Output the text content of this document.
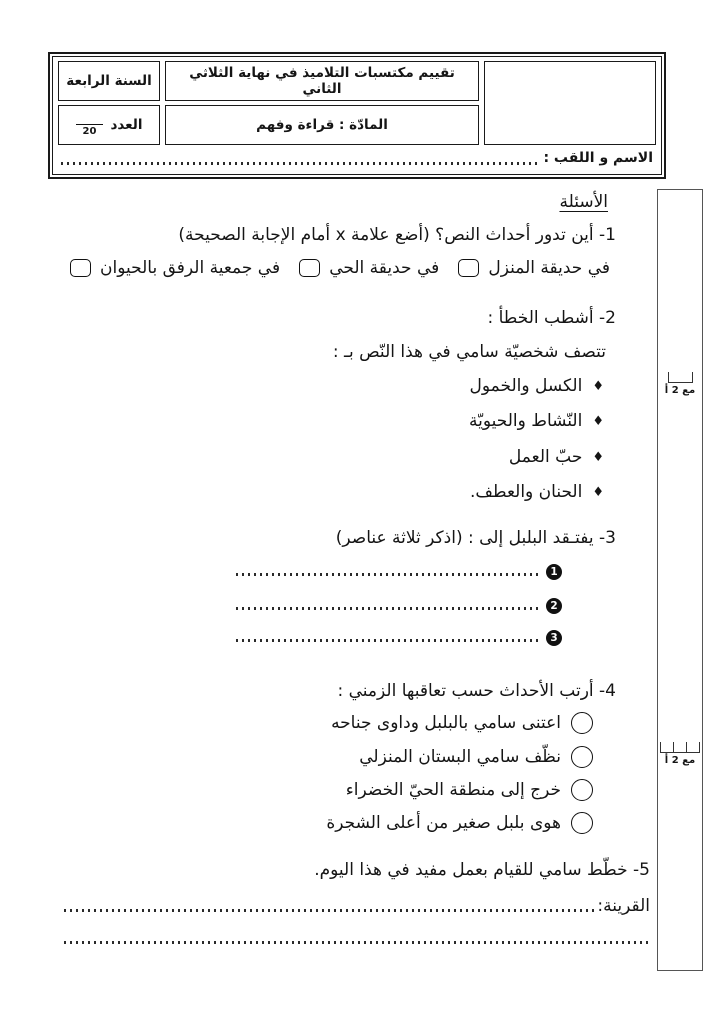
تقييم مكتسبات التلاميذ في نهاية الثلاثي الثاني
المادّة : قراءة وفهم
السنة الرابعة
العدد
20
الاسم و اللقب :
مع 2 أ
مع 2 أ
الأسئلة
1- أين تدور أحداث النص؟ (أضع علامة x أمام الإجابة الصحيحة)
في حديقة المنزل
في حديقة الحي
في جمعية الرفق بالحيوان
2- أشطب الخطأ :
تتصف شخصيّة سامي في هذا النّص بـ :
♦
الكسل والخمول
♦
النّشاط والحيويّة
♦
حبّ العمل
♦
الحنان والعطف.
3- يفتـقد البلبل إلى : (اذكر ثلاثة عناصر)
1
2
3
4- أرتب الأحداث حسب تعاقبها الزمني :
اعتنى سامي بالبلبل وداوى جناحه
نظّف سامي البستان المنزلي
خرج إلى منطقة الحيّ الخضراء
هوى بلبل صغير من أعلى الشجرة
5- خطّط سامي للقيام بعمل مفيد في هذا اليوم.
القرينة:
